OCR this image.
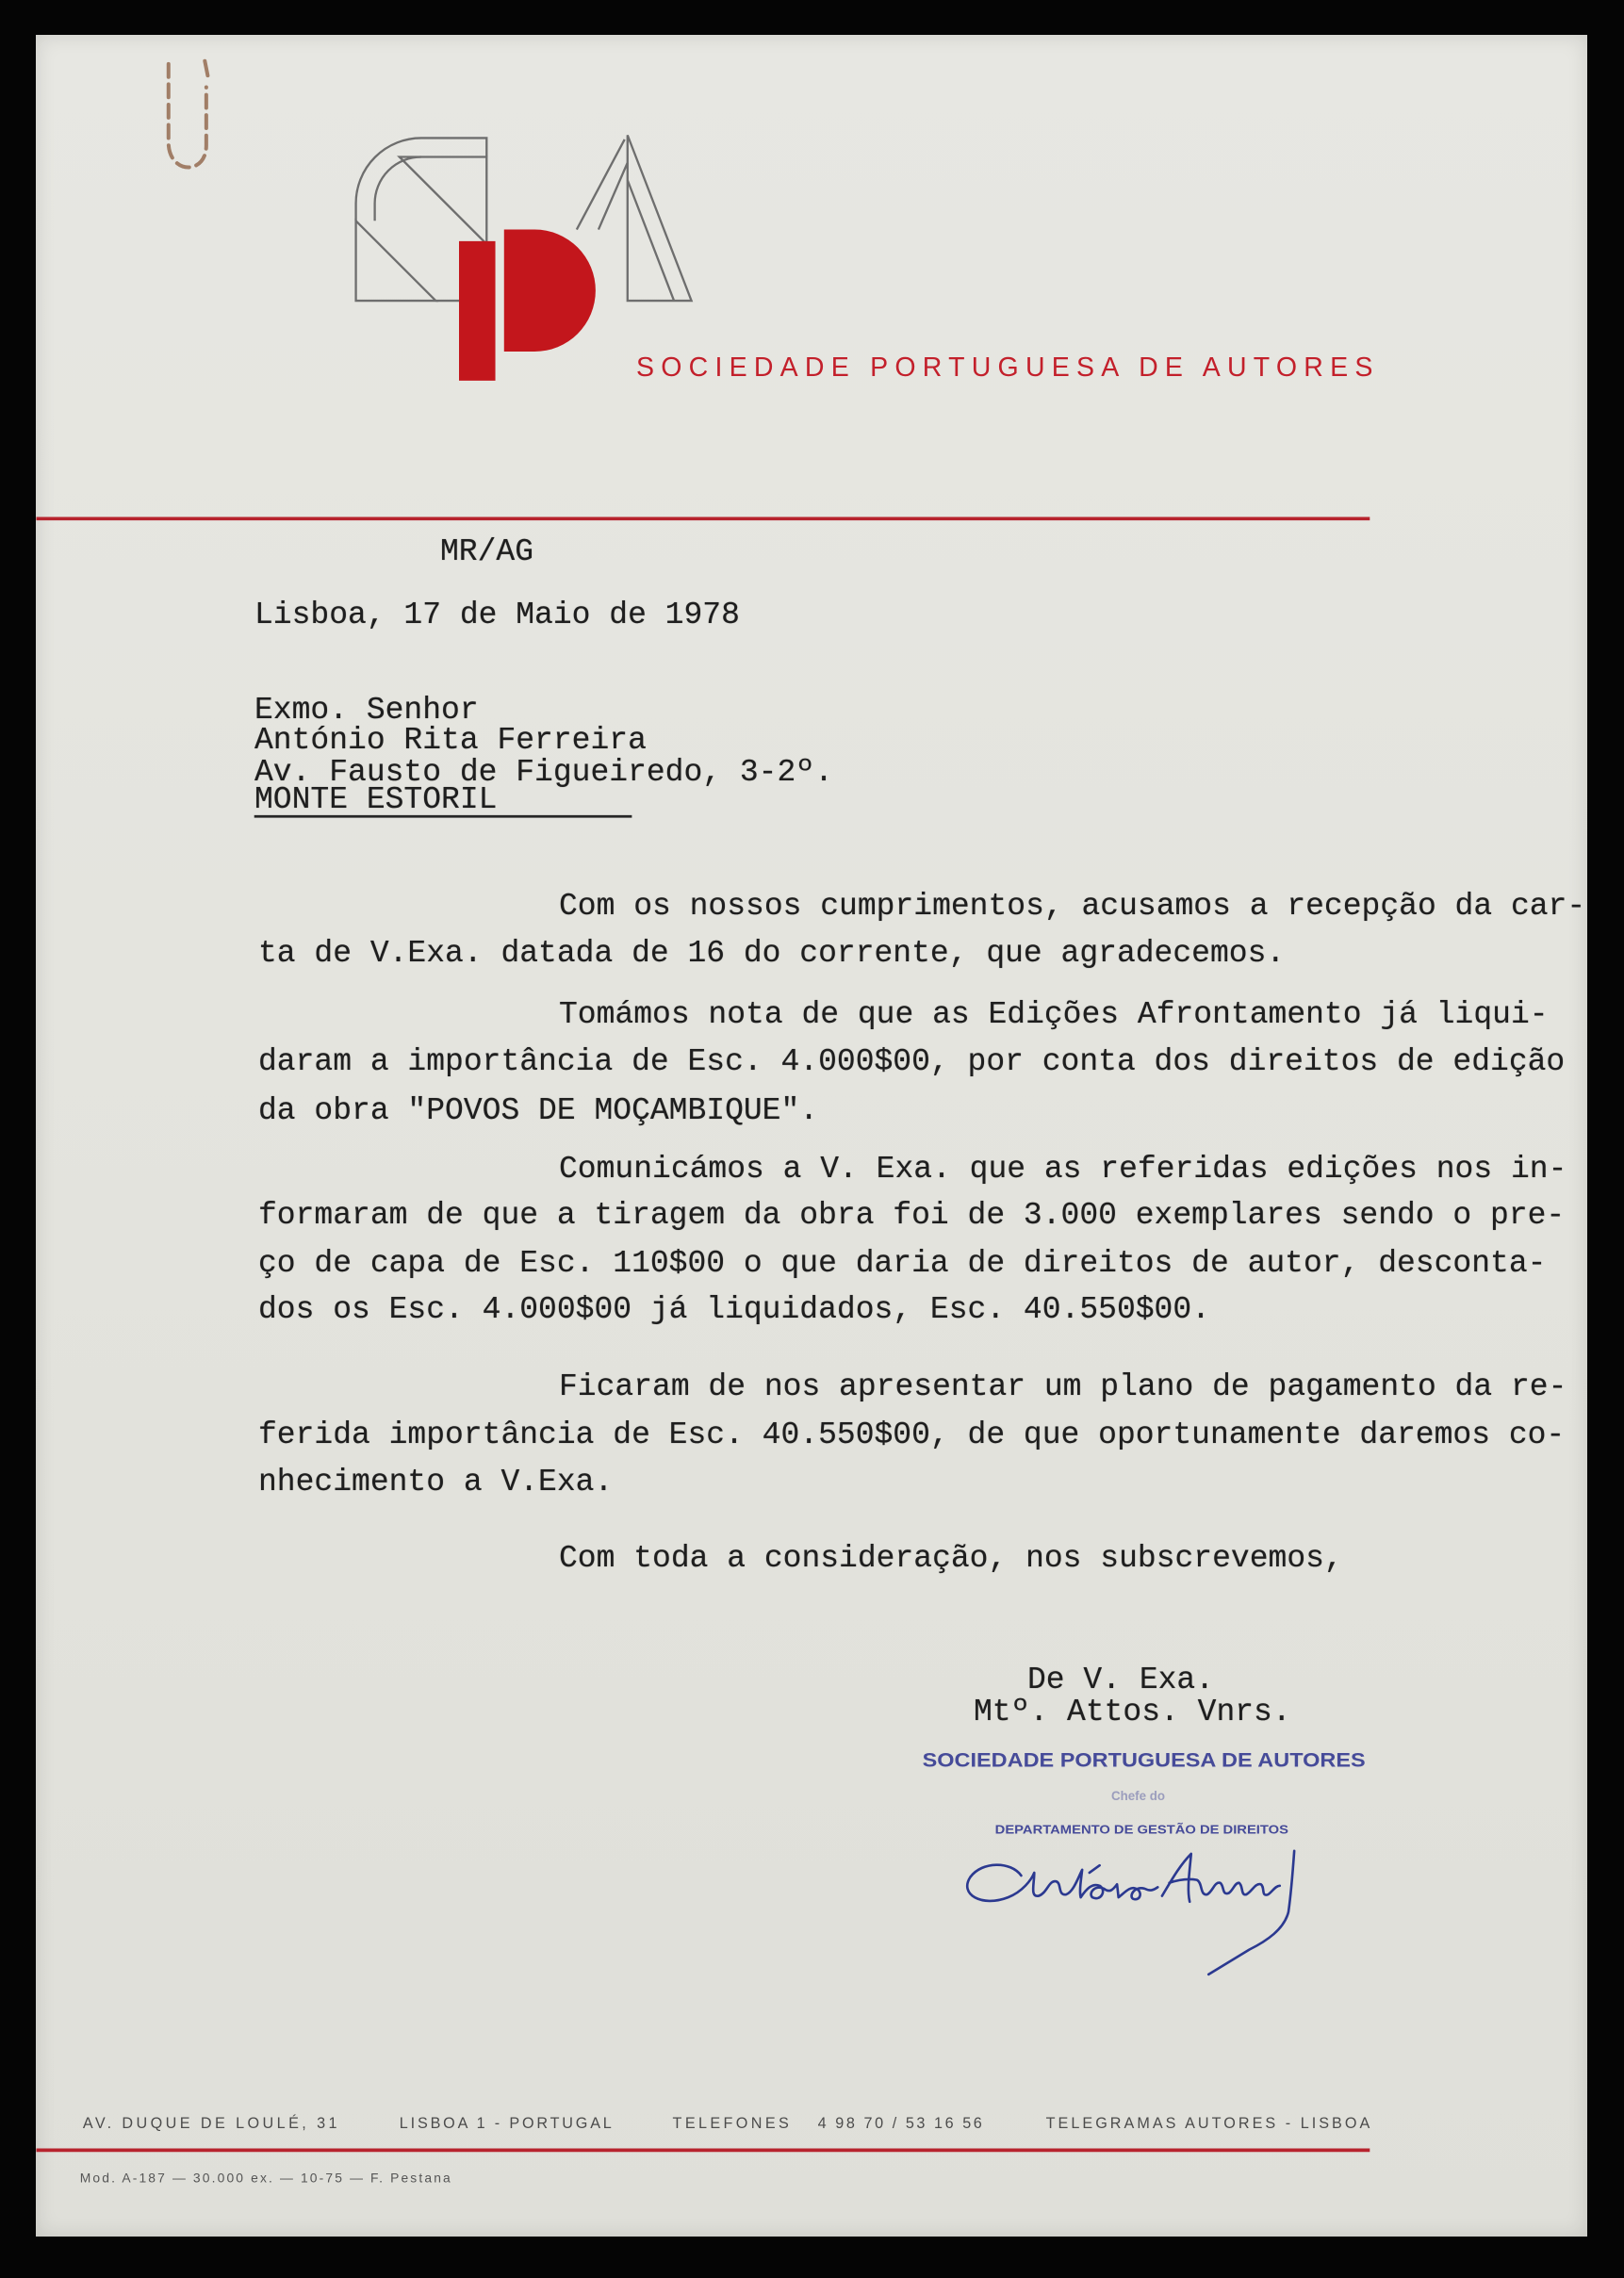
SOCIEDADE PORTUGUESA DE AUTORES
SOCIEDADE PORTUGUESA DE AUTORES
Chefe do
DEPARTAMENTO DE GESTÃO DE DIREITOS
AV. DUQUE DE LOULÉ, 31	LISBOA 1 - PORTUGAL	TELEFONES	4 98 70 / 53 16 56	TELEGRAMAS AUTORES - LISBOA
Mod. A-187 — 30.000 ex. — 10-75 — F. Pestana
MR/AG
Lisboa, 17 de Maio de 1978
Exmo. Senhor
António Rita Ferreira
Av. Fausto de Figueiredo, 3-2º.
MONTE ESTORIL
Com os nossos cumprimentos, acusamos a recepção da car-
ta de V.Exa. datada de 16 do corrente, que agradecemos.
Tomámos nota de que as Edições Afrontamento já liqui-
daram a importância de Esc. 4.000$00, por conta dos direitos de edição
da obra "POVOS DE MOÇAMBIQUE".
Comunicámos a V. Exa. que as referidas edições nos in-
formaram de que a tiragem da obra foi de 3.000 exemplares sendo o pre-
ço de capa de Esc. 110$00 o que daria de direitos de autor, desconta-
dos os Esc. 4.000$00 já liquidados, Esc. 40.550$00.
Ficaram de nos apresentar um plano de pagamento da re-
ferida importância de Esc. 40.550$00, de que oportunamente daremos co-
nhecimento a V.Exa.
Com toda a consideração, nos subscrevemos,
De V. Exa.
Mtº. Attos. Vnrs.
